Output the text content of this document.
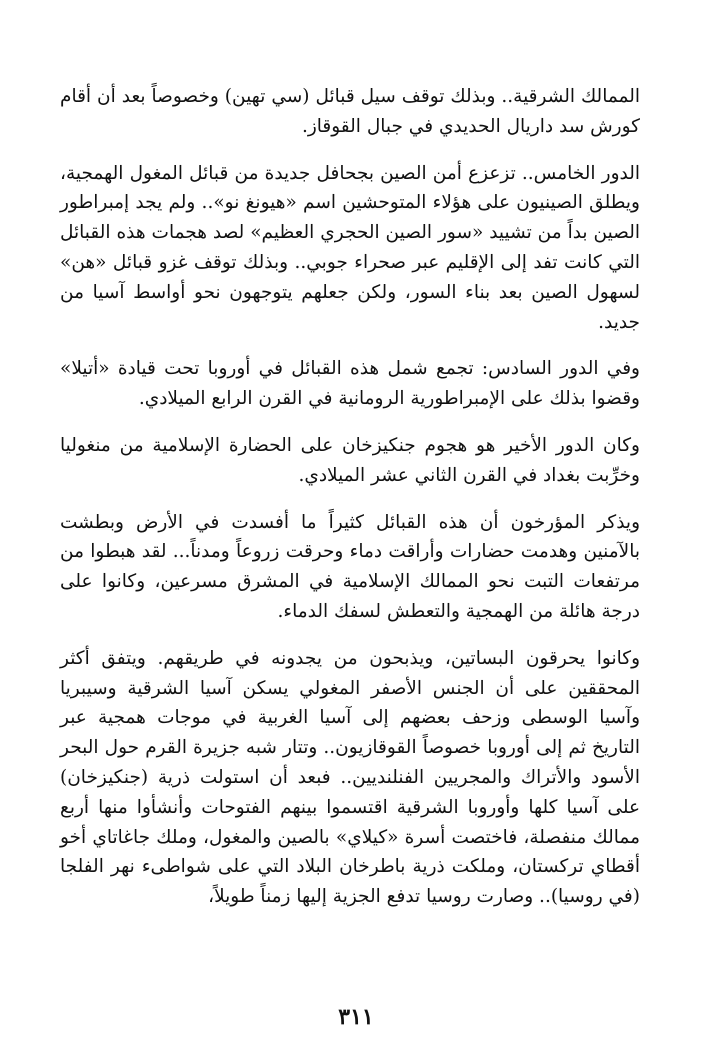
الممالك الشرقية.. وبذلك توقف سيل قبائل (سي تهين) وخصوصاً بعد أن أقام كورش سد داريال الحديدي في جبال القوقاز.

الدور الخامس.. تزعزع أمن الصين بجحافل جديدة من قبائل المغول الهمجية، ويطلق الصينيون على هؤلاء المتوحشين اسم «هيونغ نو».. ولم يجد إمبراطور الصين بداً من تشييد «سور الصين الحجري العظيم» لصد هجمات هذه القبائل التي كانت تفد إلى الإقليم عبر صحراء جوبي.. وبذلك توقف غزو قبائل «هن» لسهول الصين بعد بناء السور، ولكن جعلهم يتوجهون نحو أواسط آسيا من جديد.

وفي الدور السادس: تجمع شمل هذه القبائل في أوروبا تحت قيادة «أتيلا» وقضوا بذلك على الإمبراطورية الرومانية في القرن الرابع الميلادي.

وكان الدور الأخير هو هجوم جنكيزخان على الحضارة الإسلامية من منغوليا وخرِّبت بغداد في القرن الثاني عشر الميلادي.

ويذكر المؤرخون أن هذه القبائل كثيراً ما أفسدت في الأرض وبطشت بالآمنين وهدمت حضارات وأراقت دماء وحرقت زروعاً ومدناً... لقد هبطوا من مرتفعات التبت نحو الممالك الإسلامية في المشرق مسرعين، وكانوا على درجة هائلة من الهمجية والتعطش لسفك الدماء.

وكانوا يحرقون البساتين، ويذبحون من يجدونه في طريقهم. ويتفق أكثر المحققين على أن الجنس الأصفر المغولي يسكن آسيا الشرقية وسيبريا وآسيا الوسطى وزحف بعضهم إلى آسيا الغربية في موجات همجية عبر التاريخ ثم إلى أوروبا خصوصاً القوقازيون.. وتتار شبه جزيرة القرم حول البحر الأسود والأتراك والمجريين الفنلنديين.. فبعد أن استولت ذرية (جنكيزخان) على آسيا كلها وأوروبا الشرقية اقتسموا بينهم الفتوحات وأنشأوا منها أربع ممالك منفصلة، فاختصت أسرة «كيلاي» بالصين والمغول، وملك جاغاتاي أخو أقطاي تركستان، وملكت ذرية باطرخان البلاد التي على شواطىء نهر الفلجا (في روسيا).. وصارت روسيا تدفع الجزية إليها زمناً طويلاً،

٣١١
